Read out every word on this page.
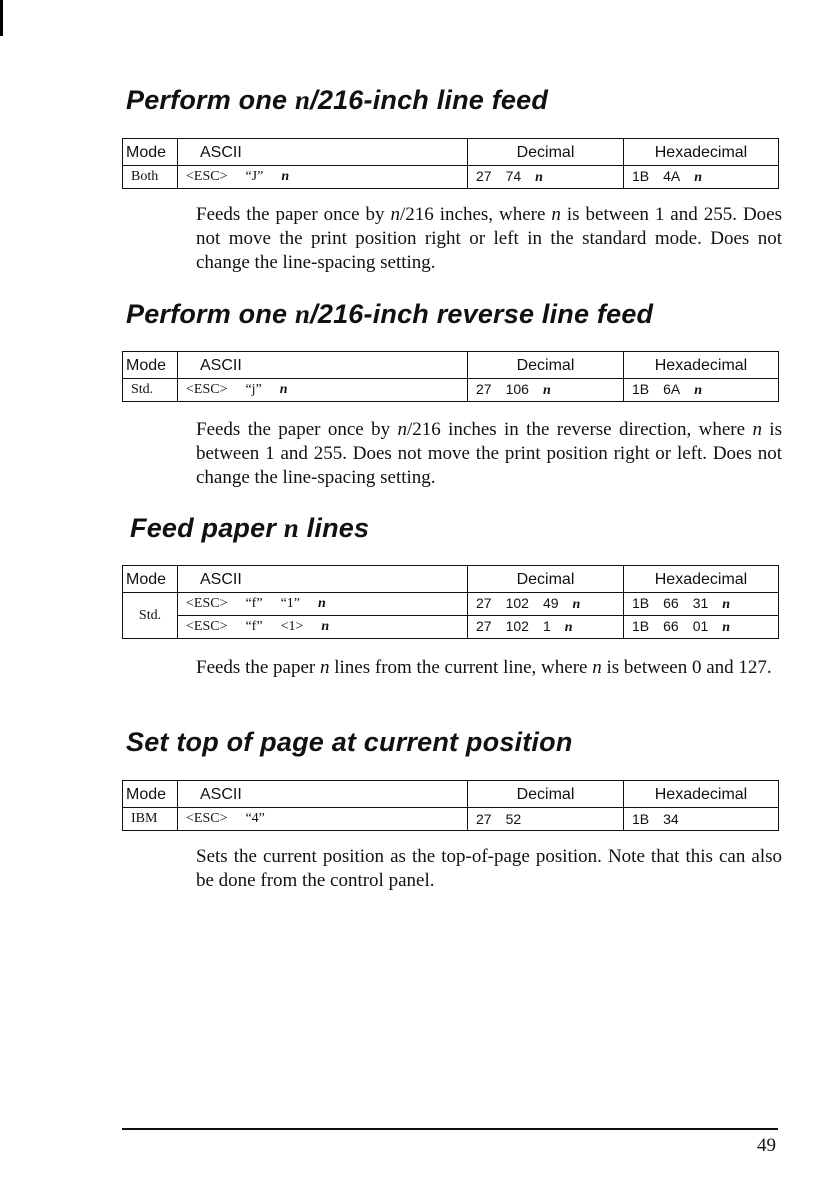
Perform one n/216-inch line feed
Mode	ASCII	Decimal	Hexadecimal
Both	<ESC> “J” n	27 74 n	1B 4A n

Feeds the paper once by n/216 inches, where n is between 1 and 255. Does not move the print position right or left in the standard mode. Does not change the line-spacing setting.

Perform one n/216-inch reverse line feed
Mode	ASCII	Decimal	Hexadecimal
Std.	<ESC> “j” n	27 106 n	1B 6A n

Feeds the paper once by n/216 inches in the reverse direction, where n is between 1 and 255. Does not move the print position right or left. Does not change the line-spacing setting.

Feed paper n lines
Mode	ASCII	Decimal	Hexadecimal
Std.	<ESC> “f” “1” n	27 102 49 n	1B 66 31 n
	<ESC> “f” <1> n	27 102 1 n	1B 66 01 n

Feeds the paper n lines from the current line, where n is between 0 and 127.

Set top of page at current position
Mode	ASCII	Decimal	Hexadecimal
IBM	<ESC> “4”	27 52	1B 34

Sets the current position as the top-of-page position. Note that this can also be done from the control panel.

49
